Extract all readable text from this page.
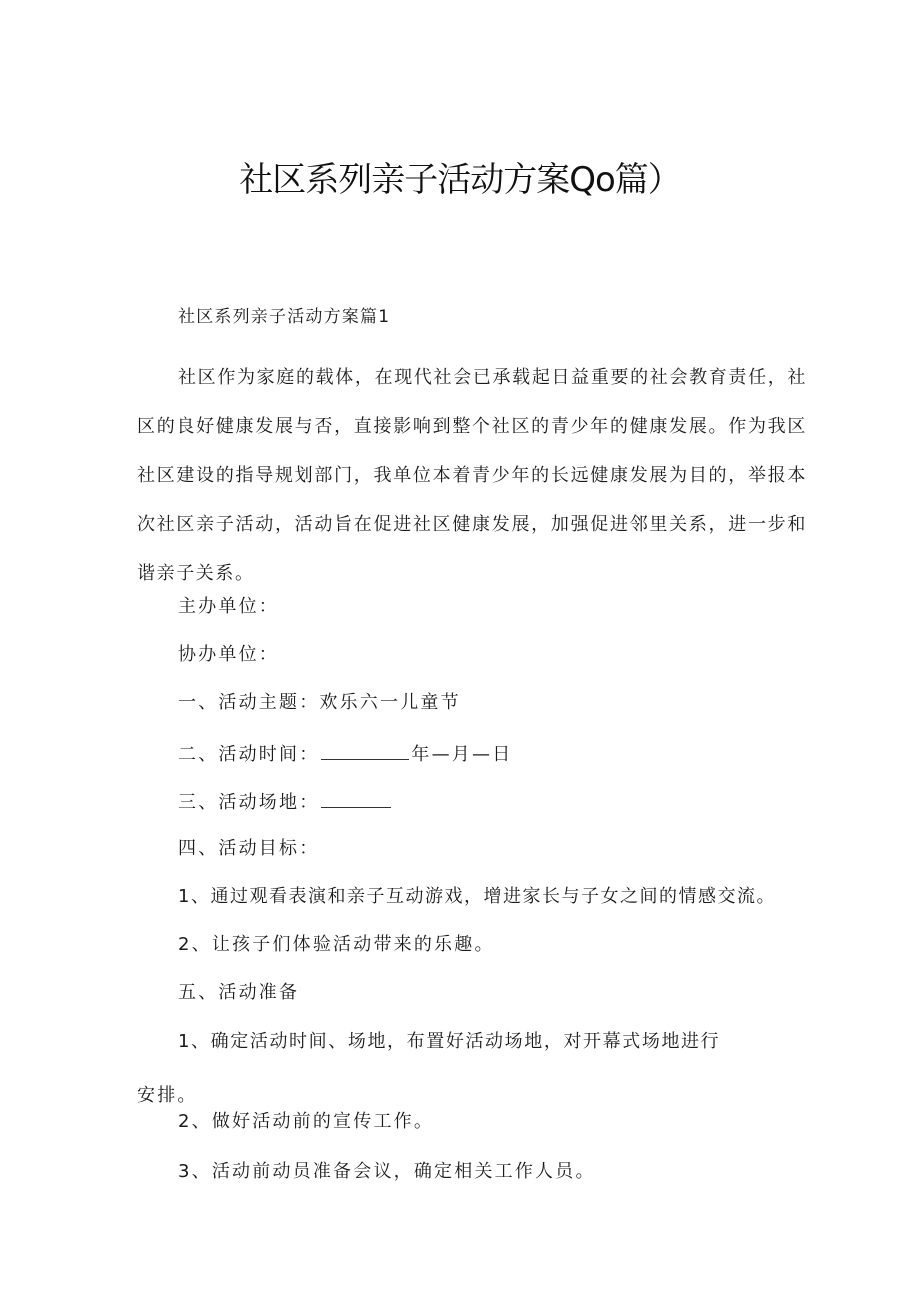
社区系列亲子活动方案Qo篇）
社区系列亲子活动方案篇1
社区作为家庭的载体，在现代社会已承载起日益重要的社会教育责任，社区的良好健康发展与否，直接影响到整个社区的青少年的健康发展。作为我区社区建设的指导规划部门，我单位本着青少年的长远健康发展为目的，举报本次社区亲子活动，活动旨在促进社区健康发展，加强促进邻里关系，进一步和谐亲子关系。
主办单位：
协办单位：
一、活动主题：欢乐六一儿童节
二、活动时间：	年—月—日
三、活动场地：
四、活动目标：
1、通过观看表演和亲子互动游戏，增进家长与子女之间的情感交流。
2、让孩子们体验活动带来的乐趣。
五、活动准备
1、确定活动时间、场地，布置好活动场地，对开幕式场地进行
安排。
2、做好活动前的宣传工作。
3、活动前动员准备会议，确定相关工作人员。
